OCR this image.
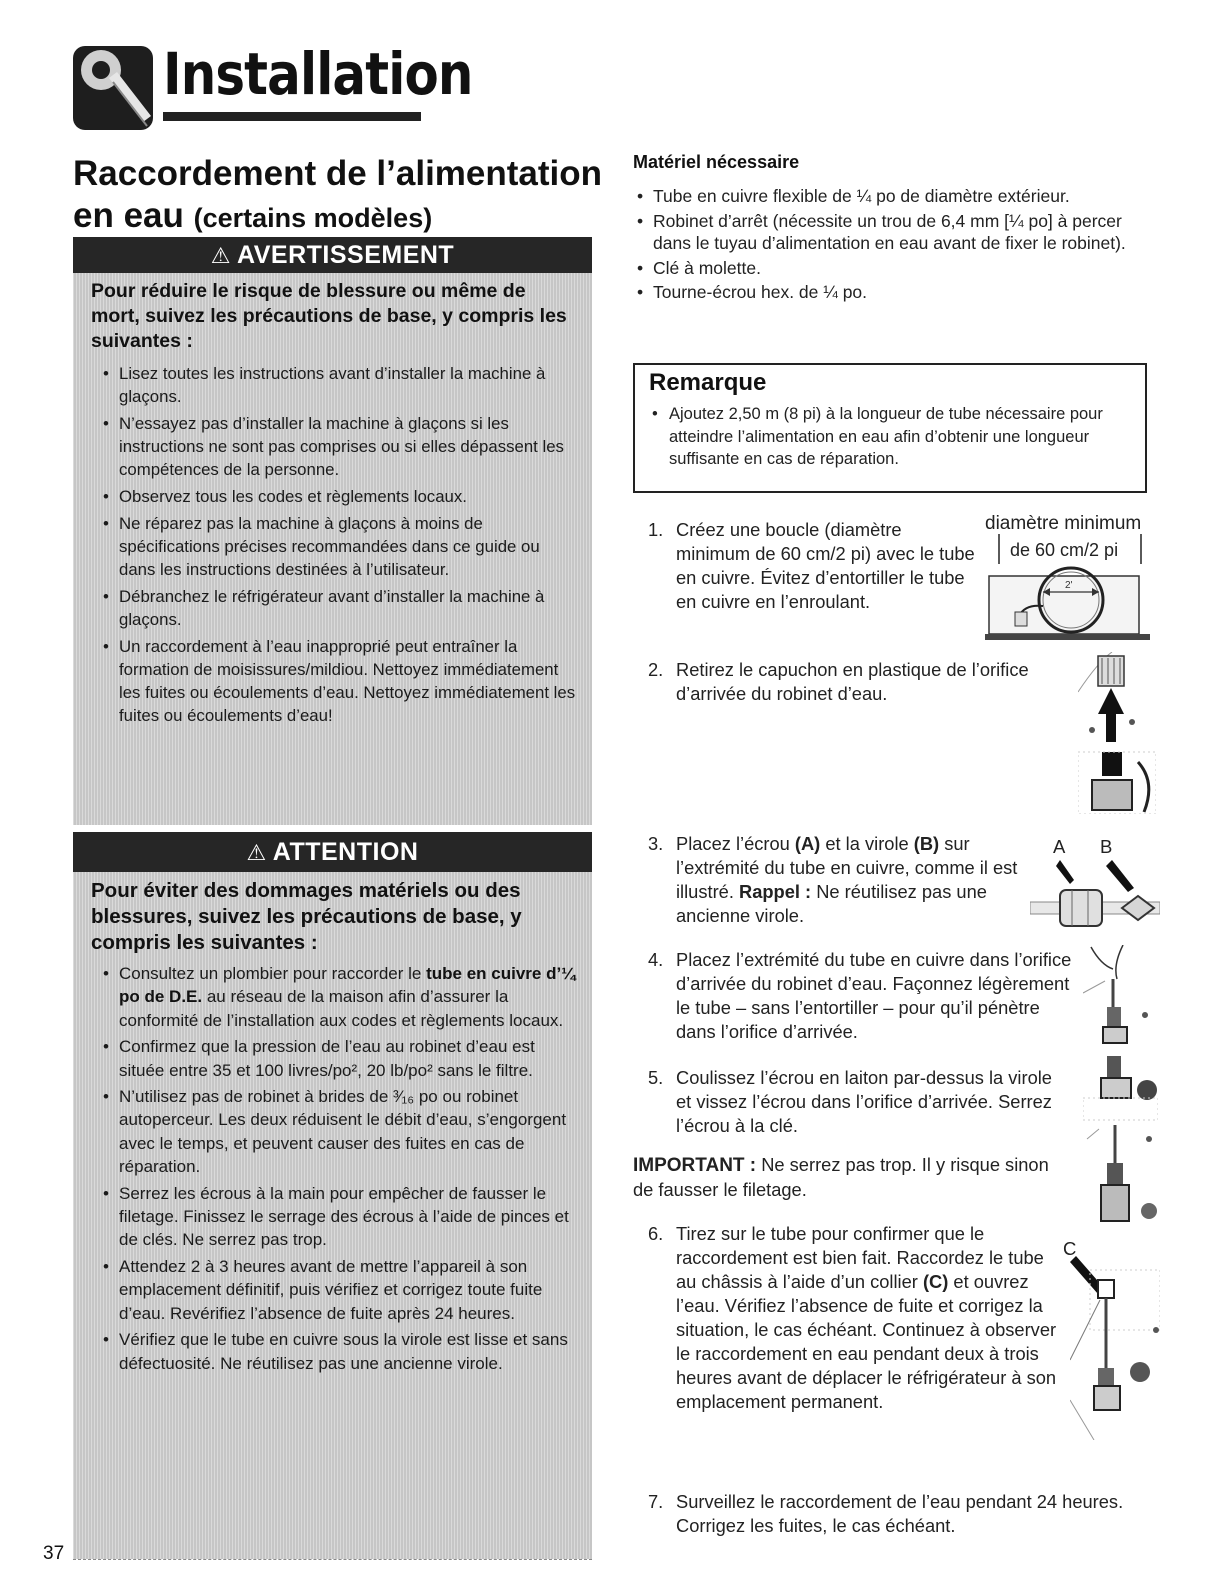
Installation
Raccordement de l’alimentation
en eau (certains modèles)
⚠ AVERTISSEMENT

Pour réduire le risque de blessure ou même de mort, suivez les précautions de base, y compris les suivantes :

• Lisez toutes les instructions avant d’installer la machine à glaçons.
• N’essayez pas d’installer la machine à glaçons si les instructions ne sont pas comprises ou si elles dépassent les compétences de la personne.
• Observez tous les codes et règlements locaux.
• Ne réparez pas la machine à glaçons à moins de spécifications précises recommandées dans ce guide ou dans les instructions destinées à l’utilisateur.
• Débranchez le réfrigérateur avant d’installer la machine à glaçons.
• Un raccordement à l’eau inapproprié peut entraîner la formation de moisissures/mildiou. Nettoyez immédiatement les fuites ou écoulements d’eau. Nettoyez immédiatement les fuites ou écoulements d’eau!
⚠ ATTENTION

Pour éviter des dommages matériels ou des blessures, suivez les précautions de base, y compris les suivantes :

• Consultez un plombier pour raccorder le tube en cuivre d’¼ po de D.E. au réseau de la maison afin d’assurer la conformité de l’installation aux codes et règlements locaux.
• Confirmez que la pression de l’eau au robinet d’eau est située entre 35 et 100 livres/po², 20 lb/po² sans le filtre.
• N’utilisez pas de robinet à brides de ³⁄₁₆ po ou robinet autoperceur. Les deux réduisent le débit d’eau, s’engorgent avec le temps, et peuvent causer des fuites en cas de réparation.
• Serrez les écrous à la main pour empêcher de fausser le filetage. Finissez le serrage des écrous à l’aide de pinces et de clés. Ne serrez pas trop.
• Attendez 2 à 3 heures avant de mettre l’appareil à son emplacement définitif, puis vérifiez et corrigez toute fuite d’eau. Revérifiez l’absence de fuite après 24 heures.
• Vérifiez que le tube en cuivre sous la virole est lisse et sans défectuosité. Ne réutilisez pas une ancienne virole.
37
Matériel nécessaire
• Tube en cuivre flexible de ¼ po de diamètre extérieur.
• Robinet d’arrêt (nécessite un trou de 6,4 mm [¼ po] à percer dans le tuyau d’alimentation en eau avant de fixer le robinet).
• Clé à molette.
• Tourne-écrou hex. de ¼ po.
Remarque

• Ajoutez 2,50 m (8 pi) à la longueur de tube nécessaire pour atteindre l’alimentation en eau afin d’obtenir une longueur suffisante en cas de réparation.

1. Créez une boucle (diamètre minimum de 60 cm/2 pi) avec le tube en cuivre. Évitez d’entortiller le tube en cuivre en l’enroulant.
diamètre minimum
de 60 cm/2 pi
2'
2. Retirez le capuchon en plastique de l’orifice d’arrivée du robinet d’eau.
3. Placez l’écrou (A) et la virole (B) sur l’extrémité du tube en cuivre, comme il est illustré. Rappel : Ne réutilisez pas une ancienne virole.
A B
4. Placez l’extrémité du tube en cuivre dans l’orifice d’arrivée du robinet d’eau. Façonnez légèrement le tube – sans l’entortiller – pour qu’il pénètre dans l’orifice d’arrivée.
5. Coulissez l’écrou en laiton par-dessus la virole et vissez l’écrou dans l’orifice d’arrivée. Serrez l’écrou à la clé.
IMPORTANT : Ne serrez pas trop. Il y risque sinon de fausser le filetage.
6. Tirez sur le tube pour confirmer que le raccordement est bien fait. Raccordez le tube au châssis à l’aide d’un collier (C) et ouvrez l’eau. Vérifiez l’absence de fuite et corrigez la situation, le cas échéant. Continuez à observer le raccordement en eau pendant deux à trois heures avant de déplacer le réfrigérateur à son emplacement permanent.
C
7. Surveillez le raccordement de l’eau pendant 24 heures. Corrigez les fuites, le cas échéant.
